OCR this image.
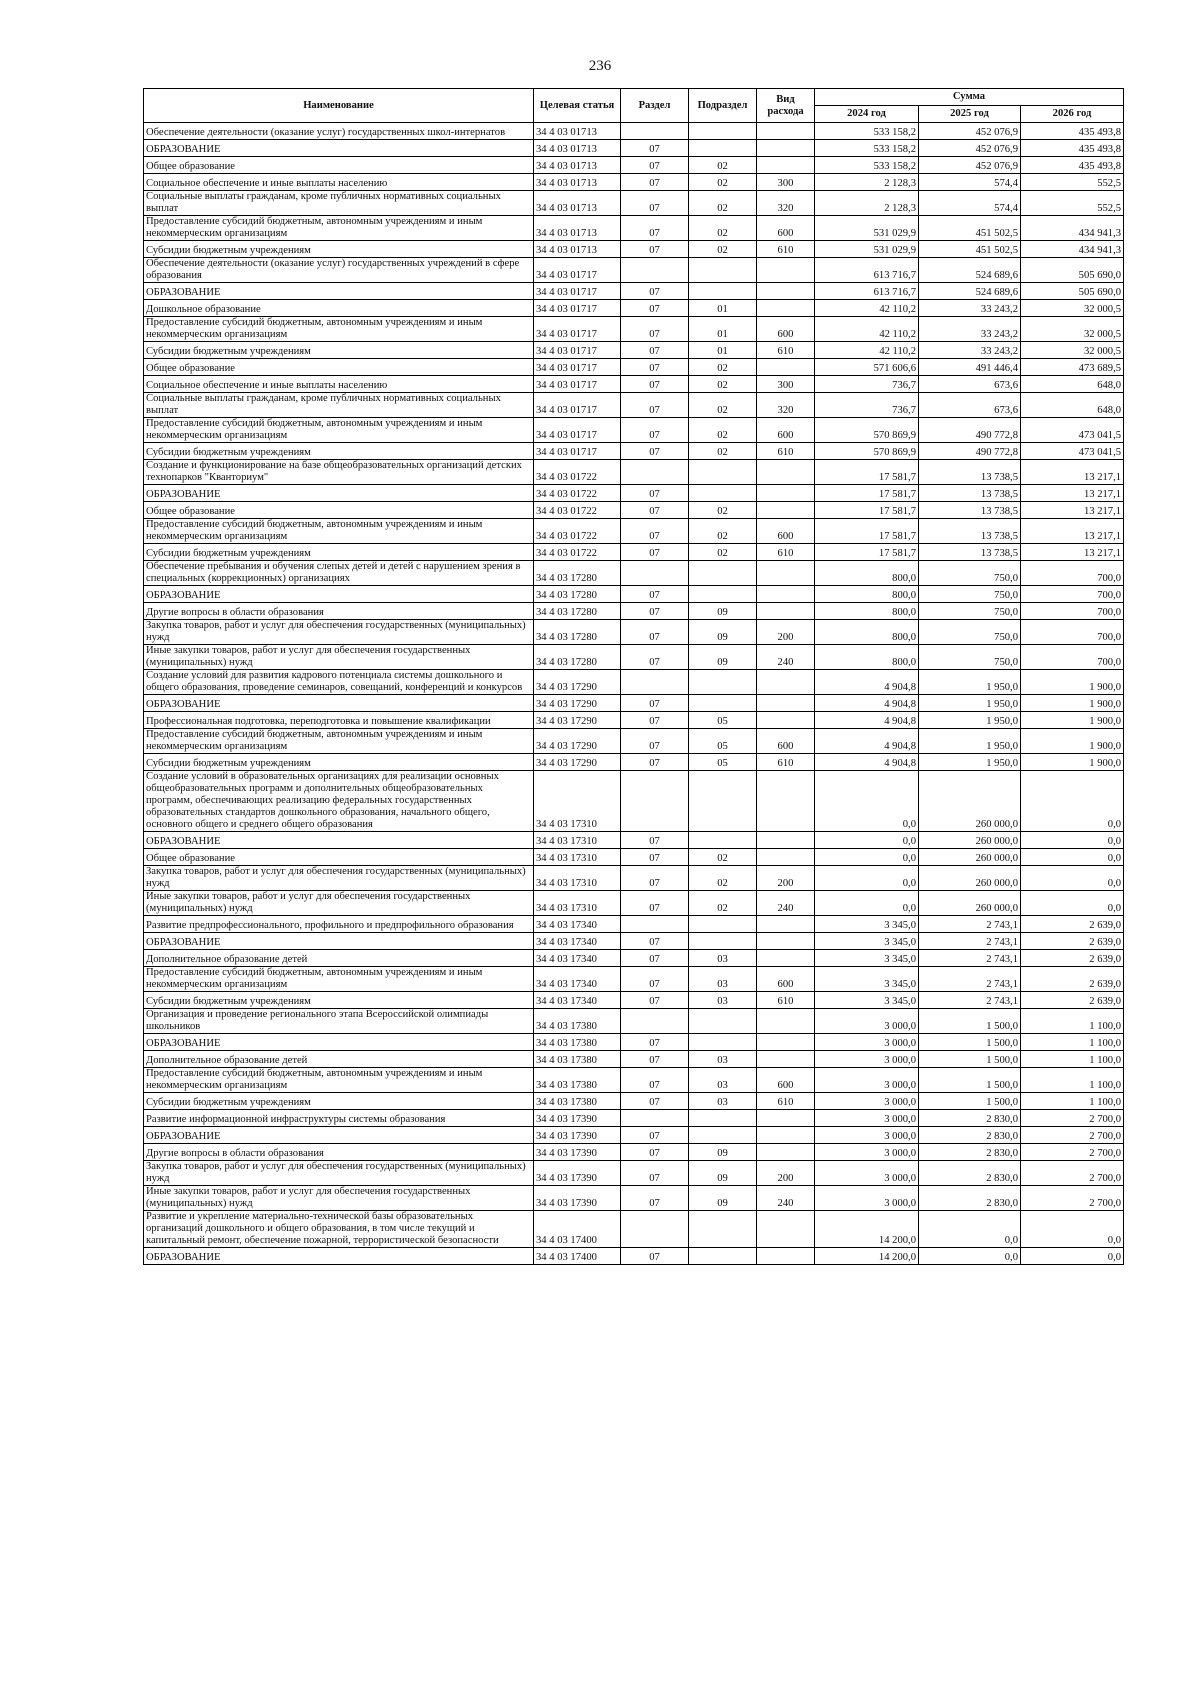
236
Наименование	Целевая статья	Раздел	Подраздел	Вид расхода	Сумма		
					2024 год	2025 год	2026 год
Обеспечение деятельности (оказание услуг) государственных школ-интернатов	34 4 03 01713				533 158,2	452 076,9	435 493,8
ОБРАЗОВАНИЕ	34 4 03 01713	07			533 158,2	452 076,9	435 493,8
Общее образование	34 4 03 01713	07	02		533 158,2	452 076,9	435 493,8
Социальное обеспечение и иные выплаты населению	34 4 03 01713	07	02	300	2 128,3	574,4	552,5
Социальные выплаты гражданам, кроме публичных нормативных социальных выплат	34 4 03 01713	07	02	320	2 128,3	574,4	552,5
Предоставление субсидий бюджетным, автономным учреждениям и иным некоммерческим организациям	34 4 03 01713	07	02	600	531 029,9	451 502,5	434 941,3
Субсидии бюджетным учреждениям	34 4 03 01713	07	02	610	531 029,9	451 502,5	434 941,3
Обеспечение деятельности (оказание услуг) государственных учреждений в сфере образования	34 4 03 01717				613 716,7	524 689,6	505 690,0
ОБРАЗОВАНИЕ	34 4 03 01717	07			613 716,7	524 689,6	505 690,0
Дошкольное образование	34 4 03 01717	07	01		42 110,2	33 243,2	32 000,5
Предоставление субсидий бюджетным, автономным учреждениям и иным некоммерческим организациям	34 4 03 01717	07	01	600	42 110,2	33 243,2	32 000,5
Субсидии бюджетным учреждениям	34 4 03 01717	07	01	610	42 110,2	33 243,2	32 000,5
Общее образование	34 4 03 01717	07	02		571 606,6	491 446,4	473 689,5
Социальное обеспечение и иные выплаты населению	34 4 03 01717	07	02	300	736,7	673,6	648,0
Социальные выплаты гражданам, кроме публичных нормативных социальных выплат	34 4 03 01717	07	02	320	736,7	673,6	648,0
Предоставление субсидий бюджетным, автономным учреждениям и иным некоммерческим организациям	34 4 03 01717	07	02	600	570 869,9	490 772,8	473 041,5
Субсидии бюджетным учреждениям	34 4 03 01717	07	02	610	570 869,9	490 772,8	473 041,5
Создание и функционирование на базе общеобразовательных организаций детских технопарков "Кванториум"	34 4 03 01722				17 581,7	13 738,5	13 217,1
ОБРАЗОВАНИЕ	34 4 03 01722	07			17 581,7	13 738,5	13 217,1
Общее образование	34 4 03 01722	07	02		17 581,7	13 738,5	13 217,1
Предоставление субсидий бюджетным, автономным учреждениям и иным некоммерческим организациям	34 4 03 01722	07	02	600	17 581,7	13 738,5	13 217,1
Субсидии бюджетным учреждениям	34 4 03 01722	07	02	610	17 581,7	13 738,5	13 217,1
Обеспечение пребывания и обучения слепых детей и детей с нарушением зрения в специальных (коррекционных) организациях	34 4 03 17280				800,0	750,0	700,0
ОБРАЗОВАНИЕ	34 4 03 17280	07			800,0	750,0	700,0
Другие вопросы в области образования	34 4 03 17280	07	09		800,0	750,0	700,0
Закупка товаров, работ и услуг для обеспечения государственных (муниципальных) нужд	34 4 03 17280	07	09	200	800,0	750,0	700,0
Иные закупки товаров, работ и услуг для обеспечения государственных (муниципальных) нужд	34 4 03 17280	07	09	240	800,0	750,0	700,0
Создание условий для развития кадрового потенциала системы дошкольного и общего образования, проведение семинаров, совещаний, конференций и конкурсов	34 4 03 17290				4 904,8	1 950,0	1 900,0
ОБРАЗОВАНИЕ	34 4 03 17290	07			4 904,8	1 950,0	1 900,0
Профессиональная подготовка, переподготовка и повышение квалификации	34 4 03 17290	07	05		4 904,8	1 950,0	1 900,0
Предоставление субсидий бюджетным, автономным учреждениям и иным некоммерческим организациям	34 4 03 17290	07	05	600	4 904,8	1 950,0	1 900,0
Субсидии бюджетным учреждениям	34 4 03 17290	07	05	610	4 904,8	1 950,0	1 900,0
Создание условий в образовательных организациях для реализации основных общеобразовательных программ и дополнительных общеобразовательных программ, обеспечивающих реализацию федеральных государственных образовательных стандартов дошкольного образования, начального общего, основного общего и среднего общего образования	34 4 03 17310				0,0	260 000,0	0,0
ОБРАЗОВАНИЕ	34 4 03 17310	07			0,0	260 000,0	0,0
Общее образование	34 4 03 17310	07	02		0,0	260 000,0	0,0
Закупка товаров, работ и услуг для обеспечения государственных (муниципальных) нужд	34 4 03 17310	07	02	200	0,0	260 000,0	0,0
Иные закупки товаров, работ и услуг для обеспечения государственных (муниципальных) нужд	34 4 03 17310	07	02	240	0,0	260 000,0	0,0
Развитие предпрофессионального, профильного и предпрофильного образования	34 4 03 17340				3 345,0	2 743,1	2 639,0
ОБРАЗОВАНИЕ	34 4 03 17340	07			3 345,0	2 743,1	2 639,0
Дополнительное образование детей	34 4 03 17340	07	03		3 345,0	2 743,1	2 639,0
Предоставление субсидий бюджетным, автономным учреждениям и иным некоммерческим организациям	34 4 03 17340	07	03	600	3 345,0	2 743,1	2 639,0
Субсидии бюджетным учреждениям	34 4 03 17340	07	03	610	3 345,0	2 743,1	2 639,0
Организация и проведение регионального этапа Всероссийской олимпиады школьников	34 4 03 17380				3 000,0	1 500,0	1 100,0
ОБРАЗОВАНИЕ	34 4 03 17380	07			3 000,0	1 500,0	1 100,0
Дополнительное образование детей	34 4 03 17380	07	03		3 000,0	1 500,0	1 100,0
Предоставление субсидий бюджетным, автономным учреждениям и иным некоммерческим организациям	34 4 03 17380	07	03	600	3 000,0	1 500,0	1 100,0
Субсидии бюджетным учреждениям	34 4 03 17380	07	03	610	3 000,0	1 500,0	1 100,0
Развитие информационной инфраструктуры системы образования	34 4 03 17390				3 000,0	2 830,0	2 700,0
ОБРАЗОВАНИЕ	34 4 03 17390	07			3 000,0	2 830,0	2 700,0
Другие вопросы в области образования	34 4 03 17390	07	09		3 000,0	2 830,0	2 700,0
Закупка товаров, работ и услуг для обеспечения государственных (муниципальных) нужд	34 4 03 17390	07	09	200	3 000,0	2 830,0	2 700,0
Иные закупки товаров, работ и услуг для обеспечения государственных (муниципальных) нужд	34 4 03 17390	07	09	240	3 000,0	2 830,0	2 700,0
Развитие и укрепление материально-технической базы образовательных организаций дошкольного и общего образования, в том числе текущий и капитальный ремонт, обеспечение пожарной, террористической безопасности	34 4 03 17400				14 200,0	0,0	0,0
ОБРАЗОВАНИЕ	34 4 03 17400	07			14 200,0	0,0	0,0
